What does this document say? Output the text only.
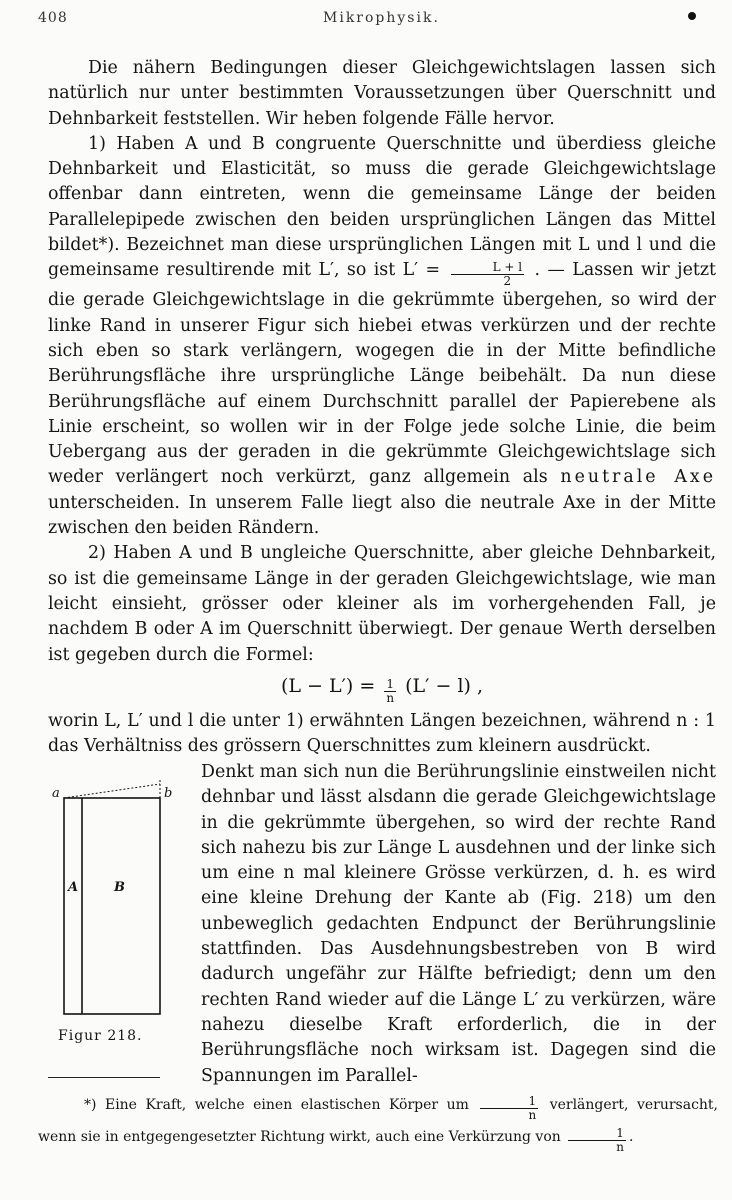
408	Mikrophysik.

Die nähern Bedingungen dieser Gleichgewichtslagen lassen sich natürlich nur unter bestimmten Voraussetzungen über Querschnitt und Dehnbarkeit feststellen. Wir heben folgende Fälle hervor.

1) Haben A und B congruente Querschnitte und überdiess gleiche Dehnbarkeit und Elasticität, so muss die gerade Gleichgewichtslage offenbar dann eintreten, wenn die gemeinsame Länge der beiden Parallelepipede zwischen den beiden ursprünglichen Längen das Mittel bildet*). Bezeichnet man diese ursprünglichen Längen mit L und l und die gemeinsame resultirende mit L′, so ist $L' = \frac{L + l}{2}$ . — Lassen wir jetzt die gerade Gleichgewichtslage in die gekrümmte übergehen, so wird der linke Rand in unserer Figur sich hiebei etwas verkürzen und der rechte sich eben so stark verlängern, wogegen die in der Mitte befindliche Berührungsfläche ihre ursprüngliche Länge beibehält. Da nun diese Berührungsfläche auf einem Durchschnitt parallel der Papierebene als Linie erscheint, so wollen wir in der Folge jede solche Linie, die beim Uebergang aus der geraden in die gekrümmte Gleichgewichtslage sich weder verlängert noch verkürzt, ganz allgemein als neutrale Axe unterscheiden. In unserem Falle liegt also die neutrale Axe in der Mitte zwischen den beiden Rändern.

2) Haben A und B ungleiche Querschnitte, aber gleiche Dehnbarkeit, so ist die gemeinsame Länge in der geraden Gleichgewichtslage, wie man leicht einsieht, grösser oder kleiner als im vorhergehenden Fall, je nachdem B oder A im Querschnitt überwiegt. Der genaue Werth derselben ist gegeben durch die Formel:

$(L - L') = \frac{1}{n} (L' - l)$ ,

worin L, L′ und l die unter 1) erwähnten Längen bezeichnen, während n : 1 das Verhältniss des grössern Querschnittes zum kleinern ausdrückt.

a	b
A	B
Figur 218.

Denkt man sich nun die Berührungslinie einstweilen nicht dehnbar und lässt alsdann die gerade Gleichgewichtslage in die gekrümmte übergehen, so wird der rechte Rand sich nahezu bis zur Länge L ausdehnen und der linke sich um eine n mal kleinere Grösse verkürzen, d. h. es wird eine kleine Drehung der Kante ab (Fig. 218) um den unbeweglich gedachten Endpunct der Berührungslinie stattfinden. Das Ausdehnungsbestreben von B wird dadurch ungefähr zur Hälfte befriedigt; denn um den rechten Rand wieder auf die Länge L′ zu verkürzen, wäre nahezu dieselbe Kraft erforderlich, die in der Berührungsfläche noch wirksam ist. Dagegen sind die Spannungen im Parallel-

*) Eine Kraft, welche einen elastischen Körper um $\frac{1}{n}$ verlängert, verursacht, wenn sie in entgegengesetzter Richtung wirkt, auch eine Verkürzung von $\frac{1}{n}$ .
